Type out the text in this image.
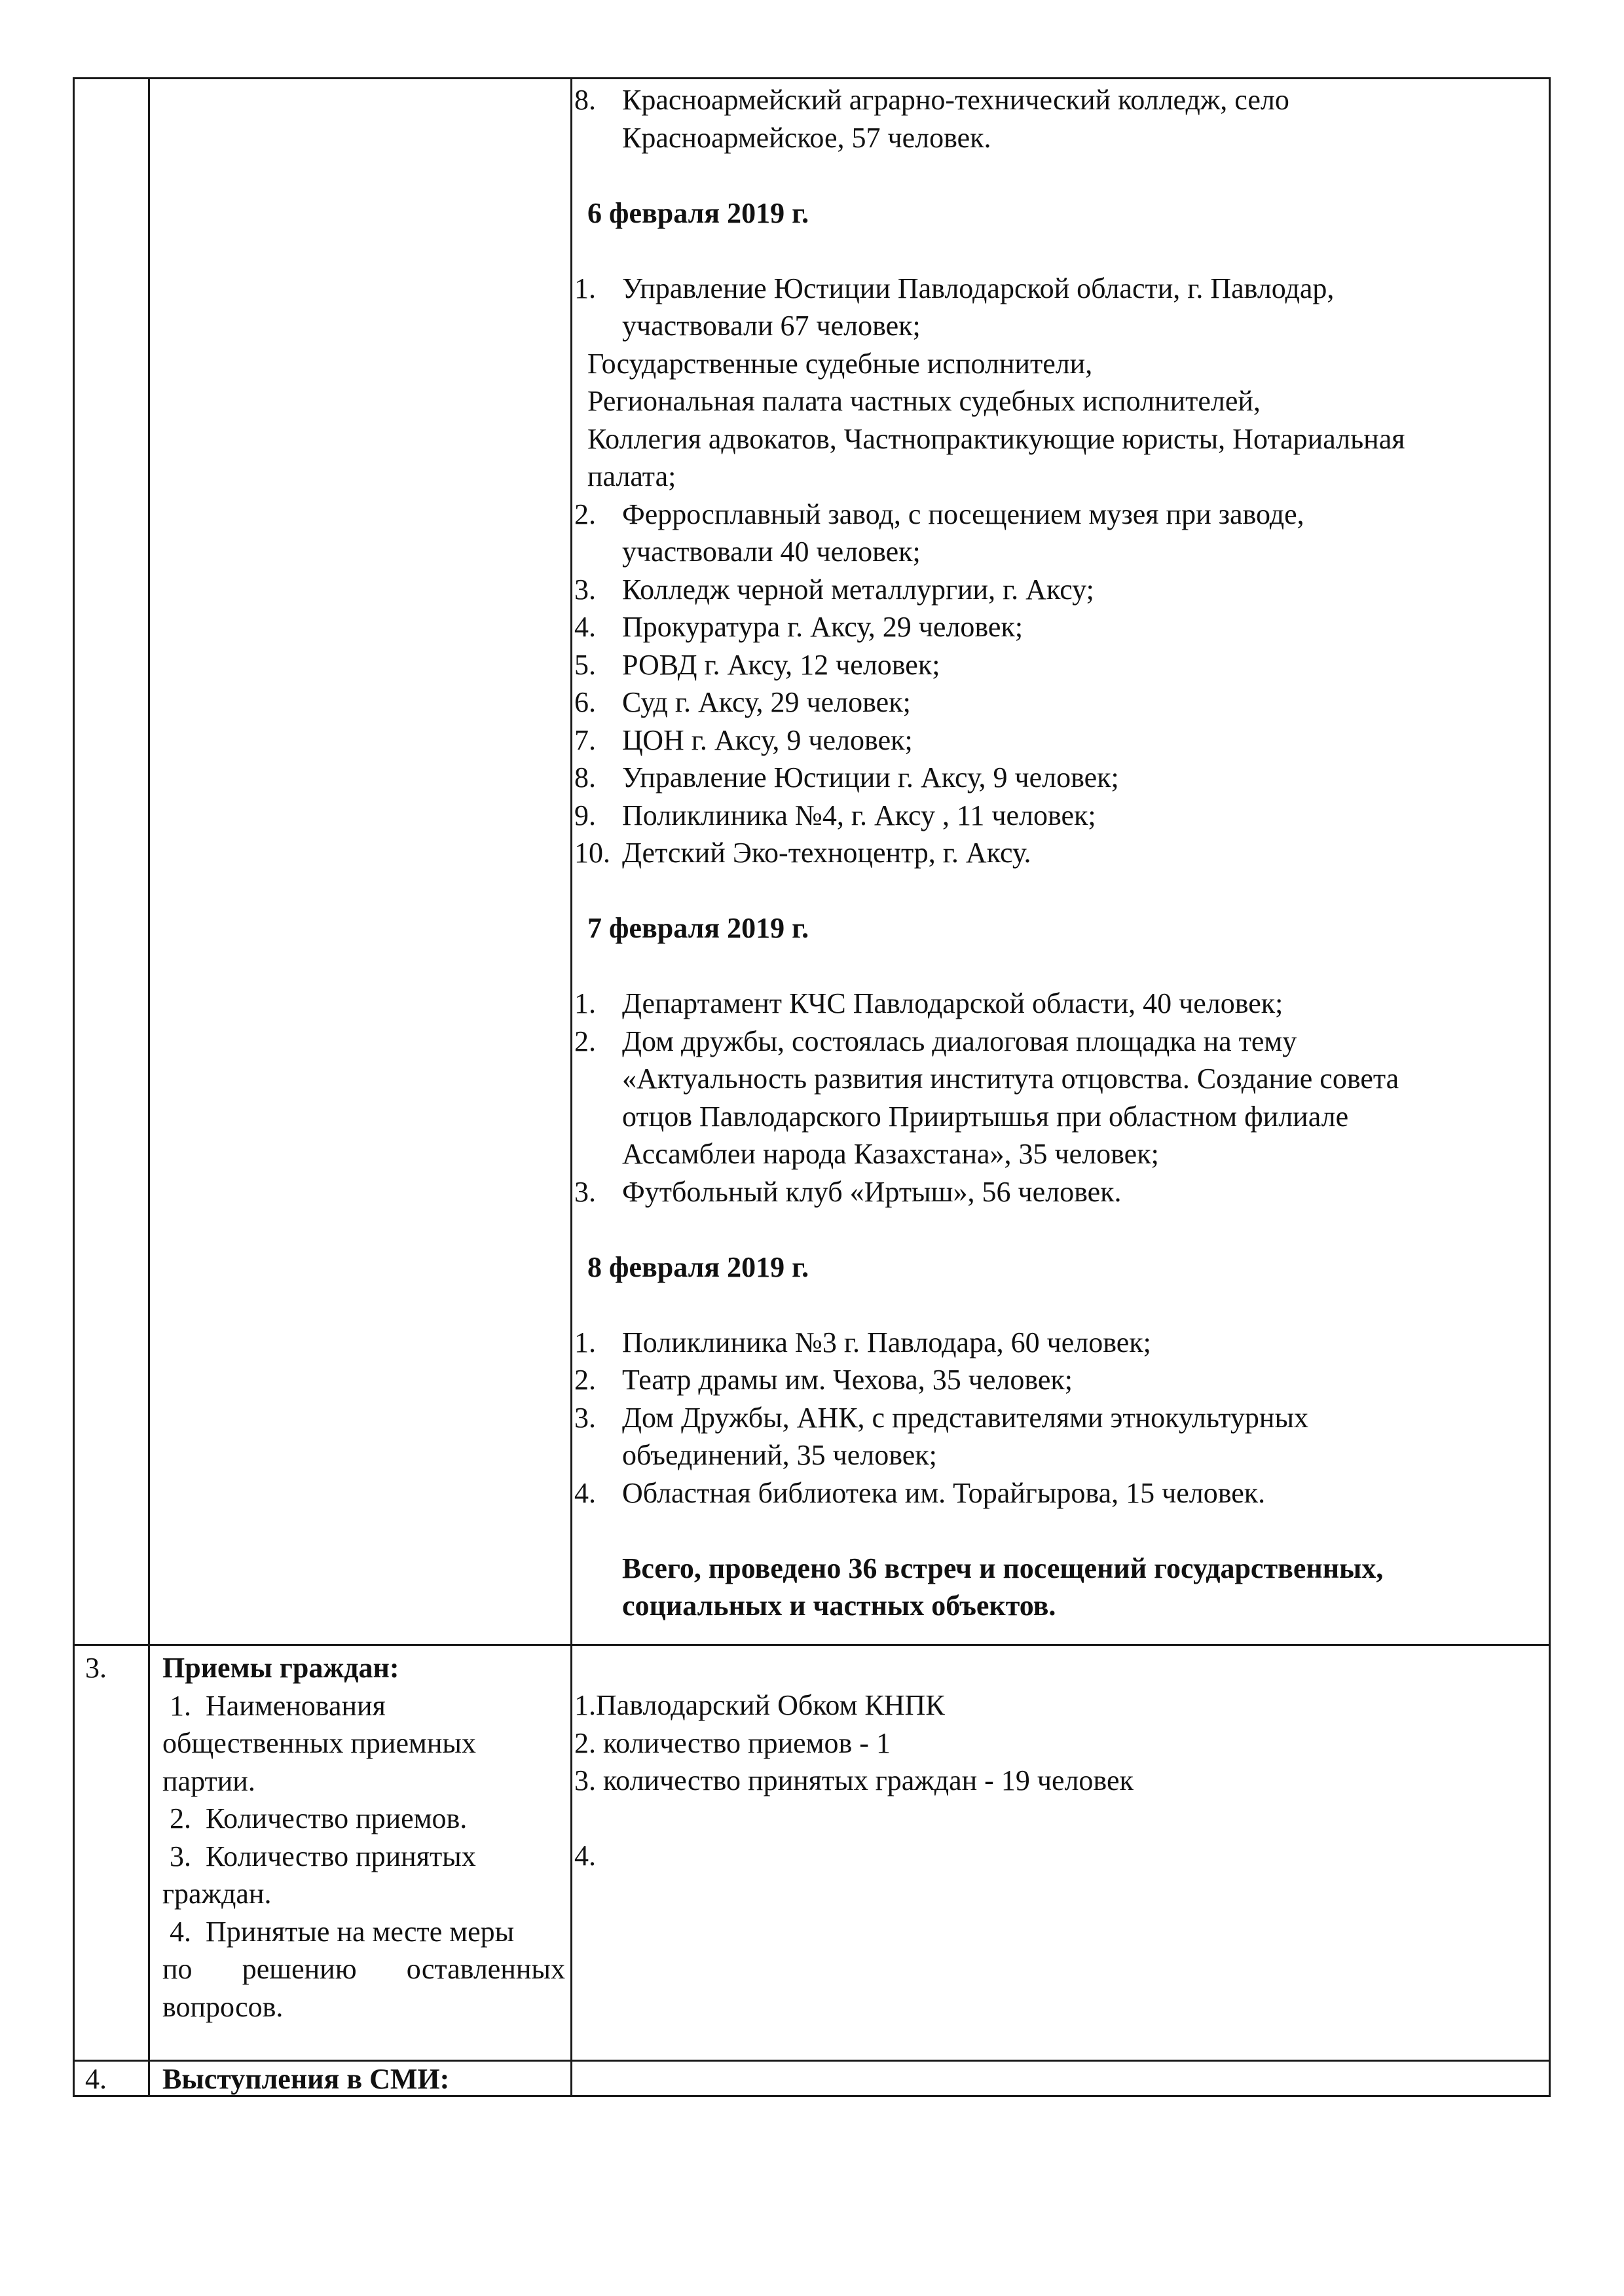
8. Красноармейский аграрно-технический колледж, село
Красноармейское, 57 человек.
6 февраля 2019 г.
1. Управление Юстиции Павлодарской области, г. Павлодар,
участвовали 67 человек;
Государственные судебные исполнители,
Региональная палата частных судебных исполнителей,
Коллегия адвокатов, Частнопрактикующие юристы, Нотариальная
палата;
2. Ферросплавный завод, с посещением музея при заводе,
участвовали 40 человек;
3. Колледж черной металлургии, г. Аксу;
4. Прокуратура г. Аксу, 29 человек;
5. РОВД г. Аксу, 12 человек;
6. Суд г. Аксу, 29 человек;
7. ЦОН г. Аксу, 9 человек;
8. Управление Юстиции г. Аксу, 9 человек;
9. Поликлиника №4, г. Аксу , 11 человек;
10. Детский Эко-техноцентр, г. Аксу.
7 февраля 2019 г.
1. Департамент КЧС Павлодарской области, 40 человек;
2. Дом дружбы, состоялась диалоговая площадка на тему
«Актуальность развития института отцовства. Создание совета
отцов Павлодарского Прииртышья при областном филиале
Ассамблеи народа Казахстана», 35 человек;
3. Футбольный клуб «Иртыш», 56 человек.
8 февраля 2019 г.
1. Поликлиника №3 г. Павлодара, 60 человек;
2. Театр драмы им. Чехова, 35 человек;
3. Дом Дружбы, АНК, с представителями этнокультурных
объединений, 35 человек;
4. Областная библиотека им. Торайгырова, 15 человек.
Всего, проведено 36 встреч и посещений государственных,
социальных и частных объектов.
3. Приемы граждан:
1.  Наименования
общественных приемных
партии.
2.  Количество приемов.
3.  Количество принятых
граждан.
4.  Принятые на месте меры
по решению оставленных
вопросов.
1.Павлодарский Обком КНПК
2. количество приемов - 1
3. количество принятых граждан - 19 человек
4.
4. Выступления в СМИ:
